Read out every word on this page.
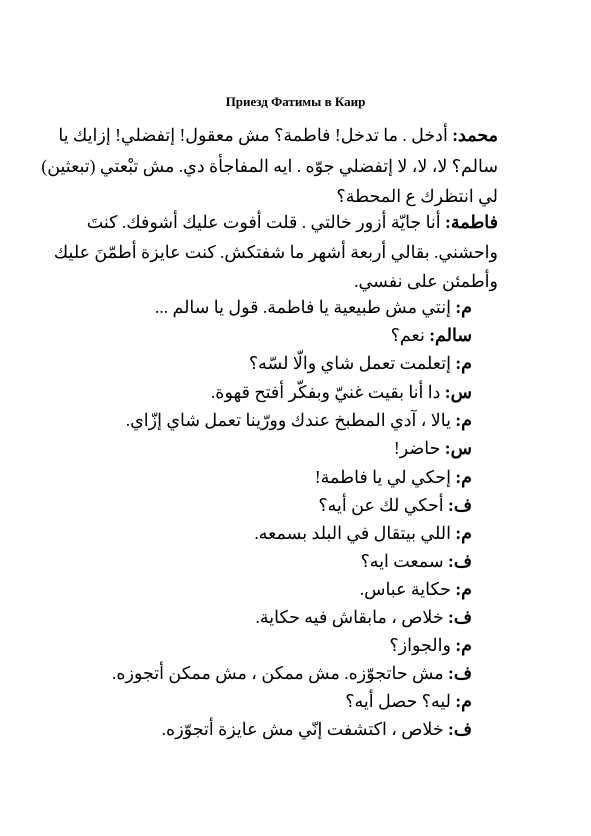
Приезд Фатимы в Каир
محمد: أدخل . ما تدخل! فاطمة؟ مش معقول! إتفضلي! إزايك يا
سالم؟ لا، لا، لا إتفضلي جوّه . ايه المفاجأة دي. مش تبْعتي (تبعثين)
لي انتظرك ع المحطة؟
فاطمة: أنا جايّة أزور خالتي . قلت أفوت عليك أشوفك. كنتَ
واحشني. بقالي أربعة أشهر ما شفتكش. كنت عايزة أطمّنَ عليك
وأطمئن على نفسي.
م: إنتي مش طبيعية يا فاطمة. قول يا سالم ...
سالم: نعم؟
م: إتعلمت تعمل شاي والّا لسّه؟
س: دا أنا بقيت غنيّ وبفكّر أفتح قهوة.
م: يالا ، آدي المطبخ عندك وورّينا تعمل شاي إزّاي.
س: حاضر!
م: إحكي لي يا فاطمة!
ف: أحكي لك عن أيه؟
م: اللي بيتقال في البلد بسمعه.
ف: سمعت ايه؟
م: حكاية عباس.
ف: خلاص ، مابقاش فيه حكاية.
م: والجواز؟
ف: مش حاتجوّزه. مش ممكن ، مش ممكن أتجوزه.
م: ليه؟ حصل أيه؟
ف: خلاص ، اكتشفت إنّي مش عايزة أتجوّزه.
